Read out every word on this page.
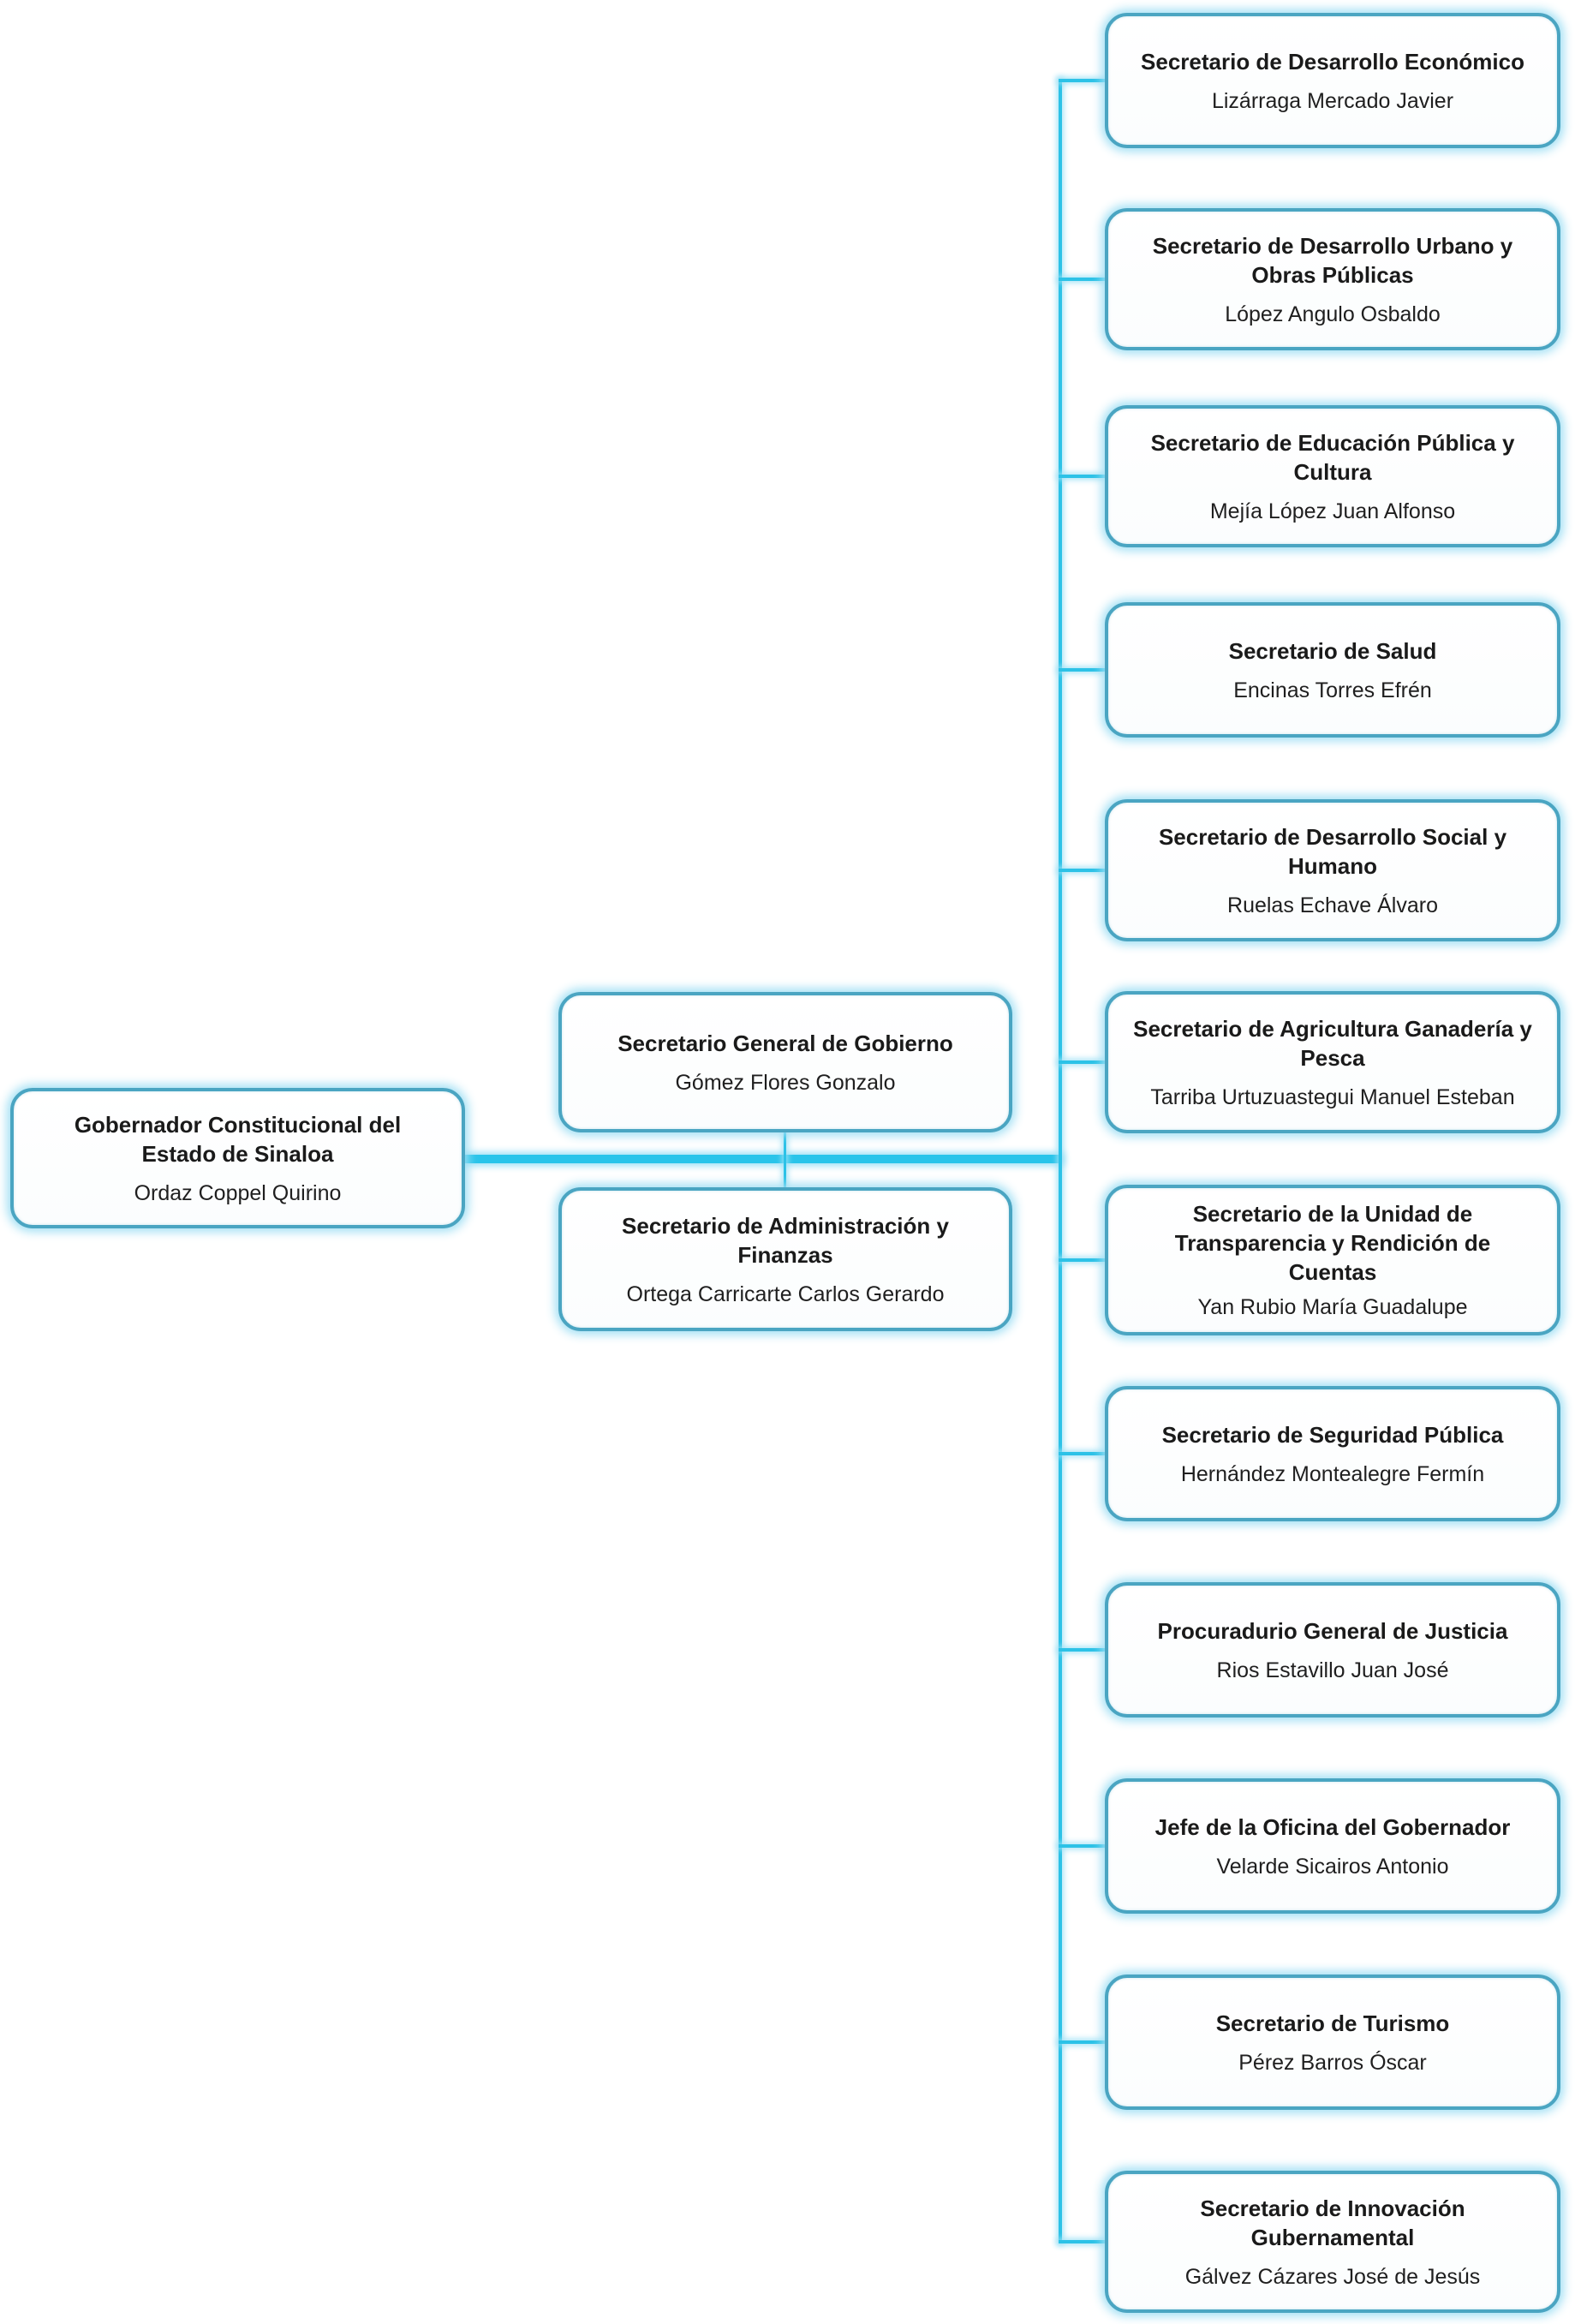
Gobernador Constitucional del Estado de Sinaloa
Ordaz Coppel Quirino
Secretario General de Gobierno
Gómez Flores Gonzalo
Secretario de Administración y Finanzas
Ortega Carricarte Carlos Gerardo
Secretario de Desarrollo Económico
Lizárraga Mercado Javier
Secretario de Desarrollo Urbano y Obras Públicas
López Angulo Osbaldo
Secretario de Educación Pública y Cultura
Mejía López Juan Alfonso
Secretario de Salud
Encinas Torres Efrén
Secretario de Desarrollo Social y Humano
Ruelas Echave Álvaro
Secretario de Agricultura Ganadería y Pesca
Tarriba Urtuzuastegui Manuel Esteban
Secretario de la Unidad de Transparencia y Rendición de Cuentas
Yan Rubio María Guadalupe
Secretario de Seguridad Pública
Hernández Montealegre Fermín
Procuradurio General de Justicia
Rios Estavillo Juan José
Jefe de la Oficina del Gobernador
Velarde Sicairos Antonio
Secretario de Turismo
Pérez Barros Óscar
Secretario de Innovación Gubernamental
Gálvez Cázares José de Jesús
